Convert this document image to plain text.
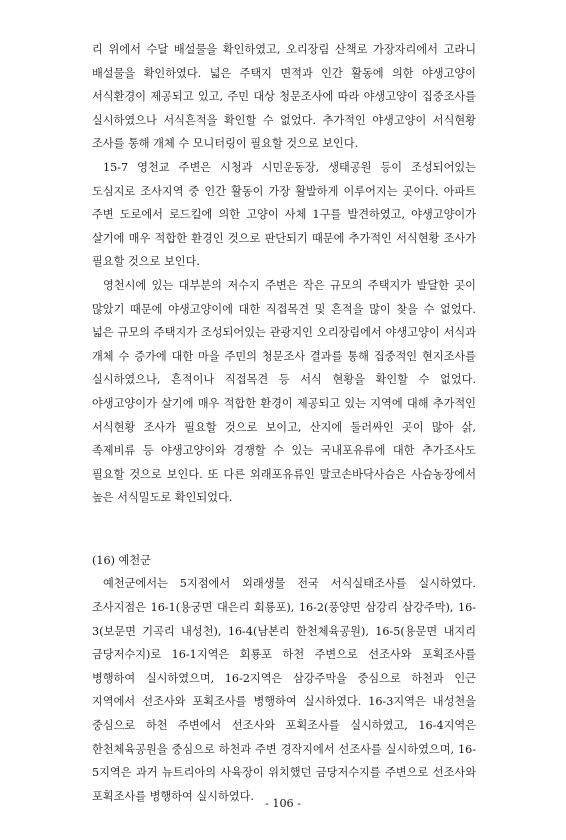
리 위에서 수달 배설물을 확인하였고, 오리장림 산책로 가장자리에서 고라니 배설물을 확인하였다. 넓은 주택지 면적과 인간 활동에 의한 야생고양이 서식환경이 제공되고 있고, 주민 대상 청문조사에 따라 야생고양이 집중조사를 실시하였으나 서식흔적을 확인할 수 없었다. 추가적인 야생고양이 서식현황 조사를 통해 개체 수 모니터링이 필요할 것으로 보인다.

15-7 영천교 주변은 시청과 시민운동장, 생태공원 등이 조성되어있는 도심지로 조사지역 중 인간 활동이 가장 활발하게 이루어지는 곳이다. 아파트 주변 도로에서 로드킬에 의한 고양이 사체 1구를 발견하였고, 야생고양이가 살기에 매우 적합한 환경인 것으로 판단되기 때문에 추가적인 서식현황 조사가 필요할 것으로 보인다.

영천시에 있는 대부분의 저수지 주변은 작은 규모의 주택지가 발달한 곳이 많았기 때문에 야생고양이에 대한 직접목견 및 흔적을 많이 찾을 수 없었다. 넓은 규모의 주택지가 조성되어있는 관광지인 오리장림에서 야생고양이 서식과 개체 수 증가에 대한 마을 주민의 청문조사 결과를 통해 집중적인 현지조사를 실시하였으나, 흔적이나 직접목견 등 서식 현황을 확인할 수 없었다. 야생고양이가 살기에 매우 적합한 환경이 제공되고 있는 지역에 대해 추가적인 서식현황 조사가 필요할 것으로 보이고, 산지에 둘러싸인 곳이 많아 삵, 족제비류 등 야생고양이와 경쟁할 수 있는 국내포유류에 대한 추가조사도 필요할 것으로 보인다. 또 다른 외래포유류인 말코손바닥사슴은 사슴농장에서 높은 서식밀도로 확인되었다.

(16) 예천군

예천군에서는 5지점에서 외래생물 전국 서식실태조사를 실시하였다. 조사지점은 16-1(용궁면 대은리 회룡포), 16-2(풍양면 삼강리 삼강주막), 16-3(보문면 기곡리 내성천), 16-4(남본리 한천체육공원), 16-5(용문면 내지리 금당저수지)로 16-1지역은 회룡포 하천 주변으로 선조사와 포획조사를 병행하여 실시하였으며, 16-2지역은 삼강주막을 중심으로 하천과 인근 지역에서 선조사와 포획조사를 병행하여 실시하였다. 16-3지역은 내성천을 중심으로 하천 주변에서 선조사와 포획조사를 실시하였고, 16-4지역은 한천체육공원을 중심으로 하천과 주변 경작지에서 선조사를 실시하였으며, 16-5지역은 과거 뉴트리아의 사육장이 위치했던 금당저수지를 주변으로 선조사와 포획조사를 병행하여 실시하였다.

- 106 -
